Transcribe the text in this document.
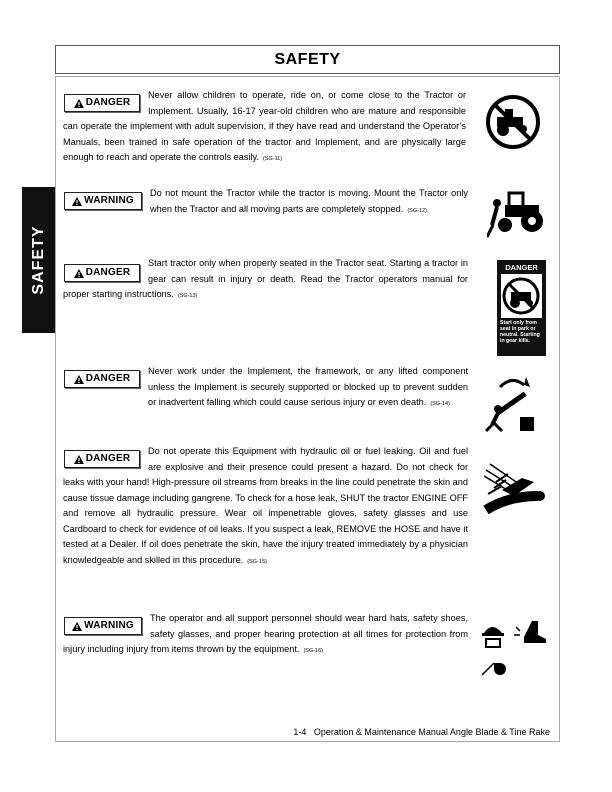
SAFETY
SAFETY
DANGER
Never allow children to operate, ride on, or come close to the Tractor or Implement. Usually, 16-17 year-old children who are mature and responsible can operate the implement with adult supervision, if they have read and understand the Operator’s Manuals, been trained in safe operation of the tractor and Implement, and are physically large enough to reach and operate the controls easily. (SG-11)
WARNING
Do not mount the Tractor while the tractor is moving. Mount the Tractor only when the Tractor and all moving parts are completely stopped. (SG-12)
DANGER
Start tractor only when properly seated in the Tractor seat. Starting a tractor in gear can result in injury or death. Read the Tractor operators manual for proper starting instructions. (SG-13)
DANGER
Never work under the Implement, the framework, or any lifted component unless the Implement is securely supported or blocked up to prevent sudden or inadvertent falling which could cause serious injury or even death. (SG-14)
DANGER
Do not operate this Equipment with hydraulic oil or fuel leaking. Oil and fuel are explosive and their presence could present a hazard. Do not check for leaks with your hand! High-pressure oil streams from breaks in the line could penetrate the skin and cause tissue damage including gangrene. To check for a hose leak, SHUT the tractor ENGINE OFF and remove all hydraulic pressure. Wear oil impenetrable gloves, safety glasses and use Cardboard to check for evidence of oil leaks. If you suspect a leak, REMOVE the HOSE and have it tested at a Dealer. If oil does penetrate the skin, have the injury treated immediately by a physician knowledgeable and skilled in this procedure. (SG-15)
WARNING
The operator and all support personnel should wear hard hats, safety shoes, safety glasses, and proper hearing protection at all times for protection from injury including injury from items thrown by the equipment. (SG-16)
DANGER
Start only from seat in park or neutral. Starting in gear kills.
1-4 Operation & Maintenance Manual Angle Blade & Tine Rake
